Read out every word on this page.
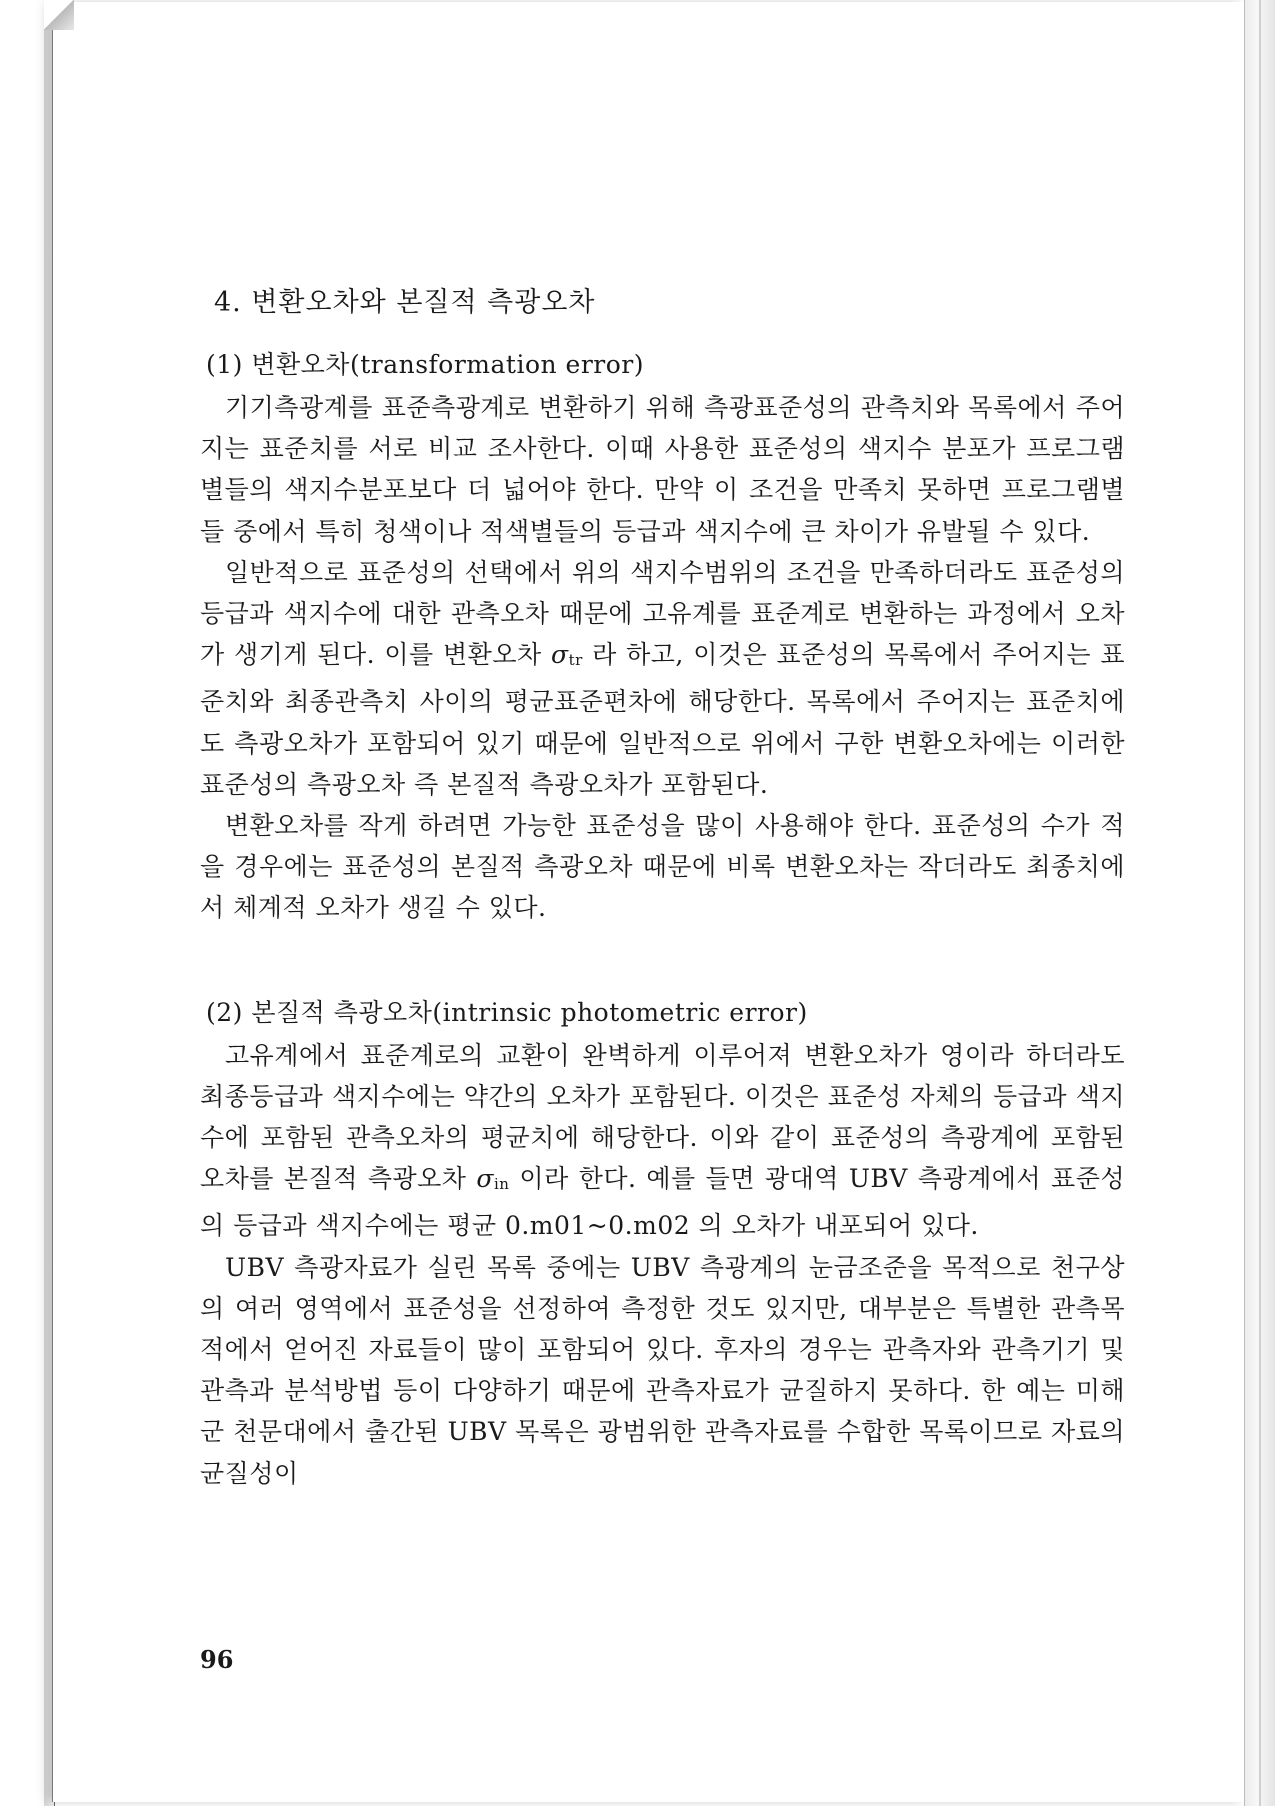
4. 변환오차와 본질적 측광오차
(1) 변환오차(transformation error)

기기측광계를 표준측광계로 변환하기 위해 측광표준성의 관측치와 목록에서 주어지는 표준치를 서로 비교 조사한다. 이때 사용한 표준성의 색지수 분포가 프로그램별들의 색지수분포보다 더 넓어야 한다. 만약 이 조건을 만족치 못하면 프로그램별들 중에서 특히 청색이나 적색별들의 등급과 색지수에 큰 차이가 유발될 수 있다.

일반적으로 표준성의 선택에서 위의 색지수범위의 조건을 만족하더라도 표준성의 등급과 색지수에 대한 관측오차 때문에 고유계를 표준계로 변환하는 과정에서 오차가 생기게 된다. 이를 변환오차 σtr 라 하고, 이것은 표준성의 목록에서 주어지는 표준치와 최종관측치 사이의 평균표준편차에 해당한다. 목록에서 주어지는 표준치에도 측광오차가 포함되어 있기 때문에 일반적으로 위에서 구한 변환오차에는 이러한 표준성의 측광오차 즉 본질적 측광오차가 포함된다.

변환오차를 작게 하려면 가능한 표준성을 많이 사용해야 한다. 표준성의 수가 적을 경우에는 표준성의 본질적 측광오차 때문에 비록 변환오차는 작더라도 최종치에서 체계적 오차가 생길 수 있다.

(2) 본질적 측광오차(intrinsic photometric error)

고유계에서 표준계로의 교환이 완벽하게 이루어져 변환오차가 영이라 하더라도 최종등급과 색지수에는 약간의 오차가 포함된다. 이것은 표준성 자체의 등급과 색지수에 포함된 관측오차의 평균치에 해당한다. 이와 같이 표준성의 측광계에 포함된 오차를 본질적 측광오차 σin 이라 한다. 예를 들면 광대역 UBV 측광계에서 표준성의 등급과 색지수에는 평균 0.m01~0.m02 의 오차가 내포되어 있다.

UBV 측광자료가 실린 목록 중에는 UBV 측광계의 눈금조준을 목적으로 천구상의 여러 영역에서 표준성을 선정하여 측정한 것도 있지만, 대부분은 특별한 관측목적에서 얻어진 자료들이 많이 포함되어 있다. 후자의 경우는 관측자와 관측기기 및 관측과 분석방법 등이 다양하기 때문에 관측자료가 균질하지 못하다. 한 예는 미해군 천문대에서 출간된 UBV 목록은 광범위한 관측자료를 수합한 목록이므로 자료의 균질성이

96
